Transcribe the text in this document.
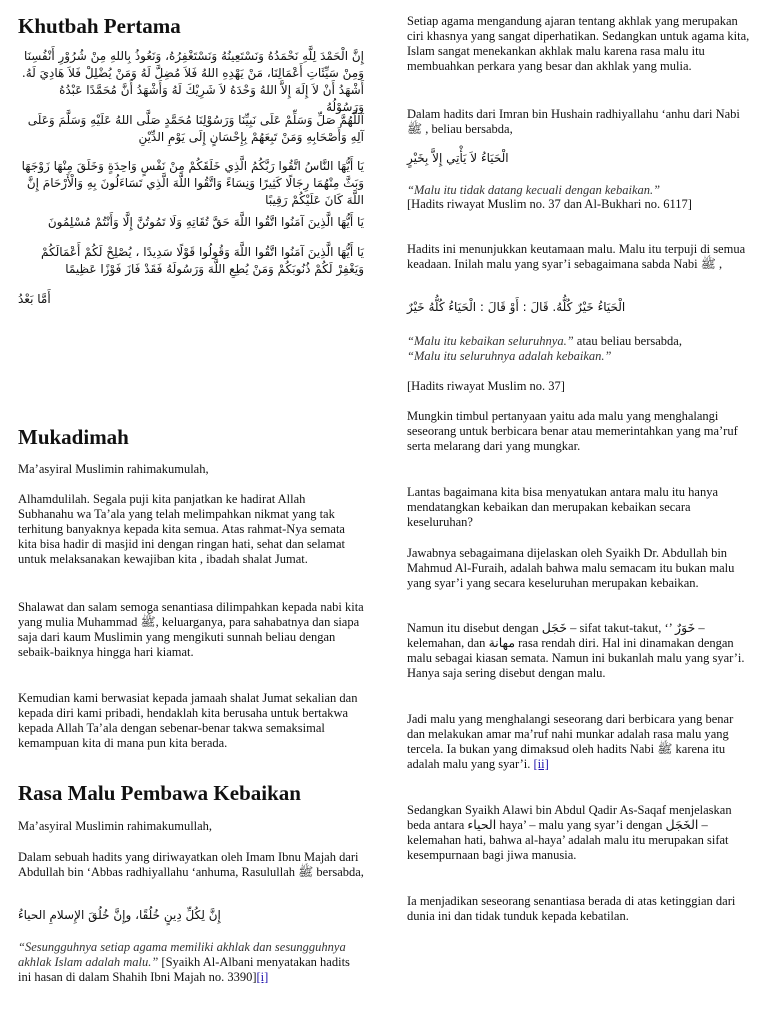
Khutbah Pertama
إِنَّ الْحَمْدَ لِلَّهِ نَحْمَدُهُ وَنَسْتَعِينُهُ وَنَسْتَغْفِرُهُ، وَنَعُوذُ بِاللهِ مِنْ شُرُوْرِ أَنْفُسِنَا وَمِنْ سَيِّئَاتِ أَعْمَالِنَا، مَنْ يَهْدِهِ اللهُ فَلاَ مُضِلَّ لَهُ وَمَنْ يُضْلِلْ فَلاَ هَادِيَ لَهُ. أَشْهَدُ أَنْ لاَ إِلَهَ إِلاَّ اللهُ وَحْدَهُ لاَ شَرِيْكَ لَهُ وَأَشْهَدُ أَنَّ مُحَمَّدًا عَبْدُهُ وَرَسُوْلُهُ
اَللَّهُمَّ صَلِّ وَسَلِّمْ عَلَى نَبِيِّنَا وَرَسُوْلِنَا مُحَمَّدٍ صَلَّى اللهُ عَلَيْهِ وَسَلَّمَ وَعَلَى آلِهِ وَأَصْحَابِهِ وَمَنْ تَبِعَهُمْ بِإِحْسَانٍ إِلَى يَوْمِ الدِّيْنِ
يَا أَيُّهَا النَّاسُ اتَّقُوا رَبَّكُمُ الَّذِي خَلَقَكُمْ مِنْ نَفْسٍ وَاحِدَةٍ وَخَلَقَ مِنْهَا زَوْجَهَا وَبَثَّ مِنْهُمَا رِجَالًا كَثِيرًا وَنِسَاءً وَاتَّقُوا اللَّهَ الَّذِي تَسَاءَلُونَ بِهِ وَالْأَرْحَامَ إِنَّ اللَّهَ كَانَ عَلَيْكُمْ رَقِيبًا
يَا أَيُّهَا الَّذِينَ آمَنُوا اتَّقُوا اللَّهَ حَقَّ تُقَاتِهِ وَلَا تَمُوتُنَّ إِلَّا وَأَنْتُمْ مُسْلِمُونَ
يَا أَيُّهَا الَّذِينَ آمَنُوا اتَّقُوا اللَّهَ وَقُولُوا قَوْلًا سَدِيدًا ، يُصْلِحْ لَكُمْ أَعْمَالَكُمْ وَيَغْفِرْ لَكُمْ ذُنُوبَكُمْ وَمَنْ يُطِعِ اللَّهَ وَرَسُولَهُ فَقَدْ فَازَ فَوْزًا عَظِيمًا
أَمَّا بَعْدُ
Mukadimah

Ma’asyiral Muslimin rahimakumulah,

Alhamdulilah. Segala puji kita panjatkan ke hadirat Allah Subhanahu wa Ta’ala yang telah melimpahkan nikmat yang tak terhitung banyaknya kepada kita semua. Atas rahmat-Nya semata kita bisa hadir di masjid ini dengan ringan hati, sehat dan selamat untuk melaksanakan kewajiban kita , ibadah shalat Jumat.

Shalawat dan salam semoga senantiasa dilimpahkan kepada nabi kita yang mulia Muhammad ﷺ, keluarganya, para sahabatnya dan siapa saja dari kaum Muslimin yang mengikuti sunnah beliau dengan sebaik-baiknya hingga hari kiamat.

Kemudian kami berwasiat kepada jamaah shalat Jumat sekalian dan kepada diri kami pribadi, hendaklah kita berusaha untuk bertakwa kepada Allah Ta’ala dengan sebenar-benar takwa semaksimal kemampuan kita di mana pun kita berada.

Rasa Malu Pembawa Kebaikan

Ma’asyiral Muslimin rahimakumullah,

Dalam sebuah hadits yang diriwayatkan oleh Imam Ibnu Majah dari Abdullah bin ‘Abbas radhiyallahu ‘anhuma, Rasulullah ﷺ bersabda,

إِنَّ لِكُلِّ دِينٍ خُلُقًا، وإِنَّ خُلُقَ الإِسلامِ الحياءُ

“Sesungguhnya setiap agama memiliki akhlak dan sesungguhnya akhlak Islam adalah malu.” [Syaikh Al-Albani menyatakan hadits ini hasan di dalam Shahih Ibni Majah no. 3390][i]

Setiap agama mengandung ajaran tentang akhlak yang merupakan ciri khasnya yang sangat diperhatikan. Sedangkan untuk agama kita, Islam sangat menekankan akhlak malu karena rasa malu itu membuahkan perkara yang besar dan akhlak yang mulia.

Dalam hadits dari Imran bin Hushain radhiyallahu ‘anhu dari Nabi ﷺ , beliau bersabda,

الْحَيَاءُ لاَ يَأْتِي إِلاَّ بِخَيْرٍ

“Malu itu tidak datang kecuali dengan kebaikan.”

[Hadits riwayat Muslim no. 37 dan Al-Bukhari no. 6117]

Hadits ini menunjukkan keutamaan malu. Malu itu terpuji di semua keadaan. Inilah malu yang syar’i sebagaimana sabda Nabi ﷺ ,

الْحَيَاءُ خَيْرٌ كُلُّهُ. قَالَ : أَوْ قَالَ : الْحَيَاءُ كُلُّهُ خَيْرٌ

“Malu itu kebaikan seluruhnya.” atau beliau bersabda,
“Malu itu seluruhnya adalah kebaikan.”

[Hadits riwayat Muslim no. 37]

Mungkin timbul pertanyaan yaitu ada malu yang menghalangi seseorang untuk berbicara benar atau memerintahkan yang ma’ruf serta melarang dari yang mungkar.

Lantas bagaimana kita bisa menyatukan antara malu itu hanya mendatangkan kebaikan dan merupakan kebaikan secara keseluruhan?

Jawabnya sebagaimana dijelaskan oleh Syaikh Dr. Abdullah bin Mahmud Al-Furaih, adalah bahwa malu semacam itu bukan malu yang syar’i yang secara keseluruhan merupakan kebaikan.

Namun itu disebut dengan خَجَل – sifat takut-takut, ‘’ خَوَرٌ – kelemahan, dan مهانة rasa rendah diri. Hal ini dinamakan dengan malu sebagai kiasan semata. Namun ini bukanlah malu yang syar’i. Hanya saja sering disebut dengan malu.

Jadi malu yang menghalangi seseorang dari berbicara yang benar dan melakukan amar ma’ruf nahi munkar adalah rasa malu yang tercela. Ia bukan yang dimaksud oleh hadits Nabi ﷺ karena itu adalah malu yang syar’i. [ii]

Sedangkan Syaikh Alawi bin Abdul Qadir As-Saqaf menjelaskan beda antara الحياء haya’ – malu yang syar’i dengan الخَجَل – kelemahan hati, bahwa al-haya’ adalah malu itu merupakan sifat kesempurnaan bagi jiwa manusia.

Ia menjadikan seseorang senantiasa berada di atas ketinggian dari dunia ini dan tidak tunduk kepada kebatilan.
